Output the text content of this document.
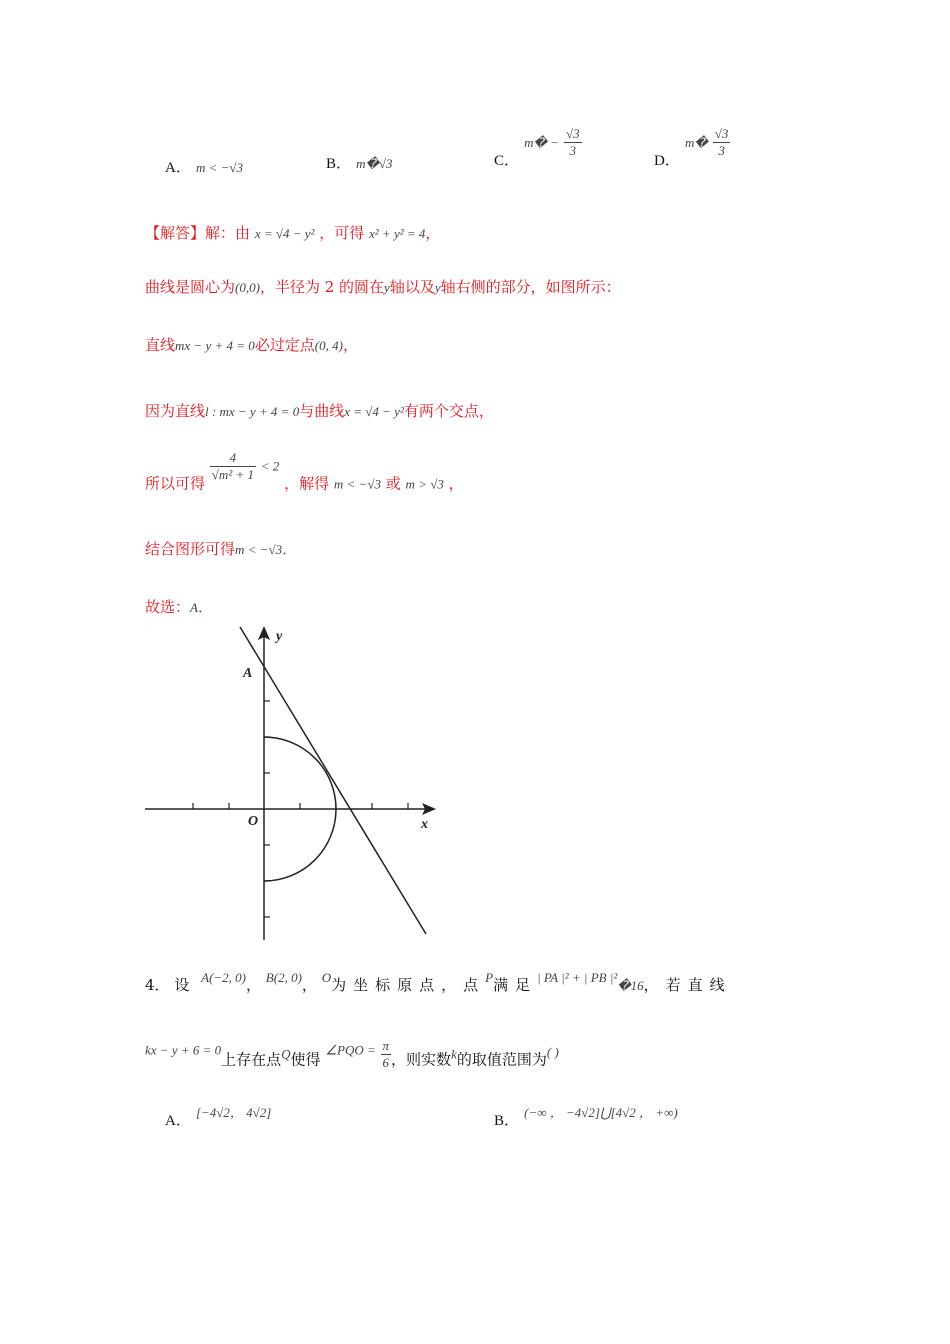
A． m < −√3	B． m�√3	C． m� − $\frac{√3}{3}$
D． m� $\frac{√3}{3}$
【解答】解：由 x = √4 − y² ，可得 x² + y² = 4，
曲线是圆心为(0,0)，半径为 2 的圆在y轴以及y轴右侧的部分，如图所示：
直线mx − y + 4 = 0必过定点(0, 4)，
因为直线l : mx − y + 4 = 0与曲线x = √4 − y²有两个交点，
所以可得
$\frac{4}{\text{√m² + 1}} < 2$ ，解得 m < −√3 或 m > √3 ，
结合图形可得m < −√3．
故选：A．
y
x
O
A
4． 设 A(−2, 0)， B(2, 0)， O为坐标原点，点P满足| PA |² + | PB |²�16，若直线
kx − y + 6 = 0上存在点Q使得 ∠PQO = $\frac{\pi}{6}$ ，则实数k的取值范围为( )
A． [−4√2， 4√2]
B． (−∞ ， −4√2]⋃[4√2 ， +∞)
